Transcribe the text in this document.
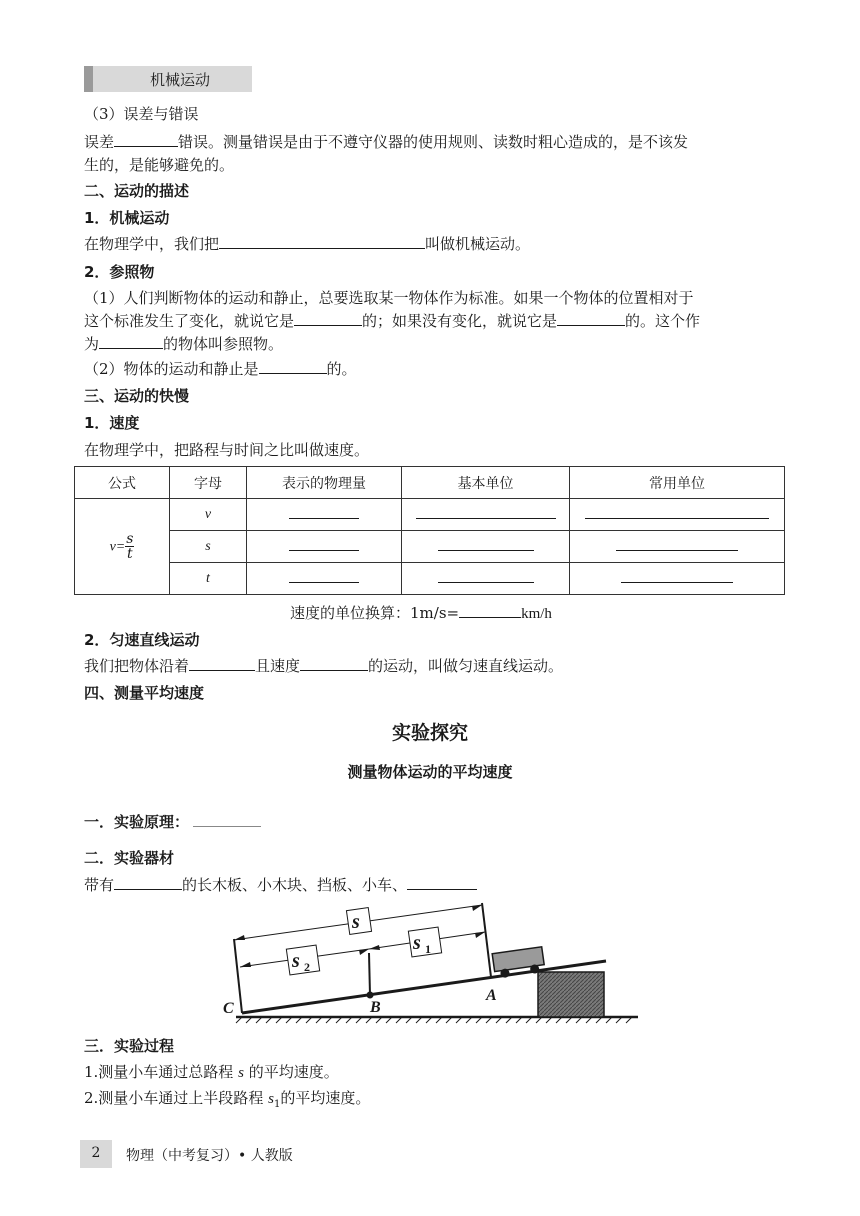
机械运动
（3）误差与错误
误差	错误。测量错误是由于不遵守仪器的使用规则、读数时粗心造成的，是不该发
生的，是能够避免的。
二、运动的描述
1．机械运动
在物理学中，我们把	叫做机械运动。
2．参照物
（1）人们判断物体的运动和静止，总要选取某一物体作为标准。如果一个物体的位置相对于
这个标准发生了变化，就说它是	的；如果没有变化，就说它是	的。这个作
为	的物体叫参照物。
（2）物体的运动和静止是	的。
三、运动的快慢
1．速度
在物理学中，把路程与时间之比叫做速度。
公式	字母	表示的物理量	基本单位	常用单位
$v= \frac{s}{t}$	v			
	s			
	t			
速度的单位换算：1m/s=	km/h
2．匀速直线运动
我们把物体沿着	且速度	的运动，叫做匀速直线运动。
四、测量平均速度
实验探究
测量物体运动的平均速度
一．实验原理：
二．实验器材
带有	的长木板、小木块、挡板、小车、
s
s 2
s 1
C	B
A
三．实验过程
1.测量小车通过总路程 s 的平均速度。
2.测量小车通过上半段路程 $s_1$的平均速度。
2	物理（中考复习）• 人教版
